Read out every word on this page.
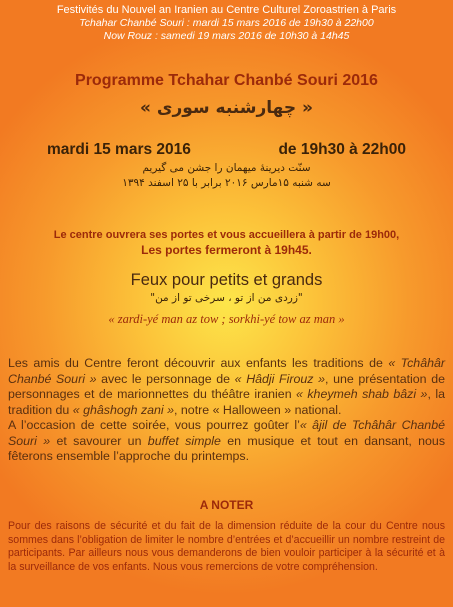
Festivités du Nouvel an Iranien au Centre Culturel Zoroastrien à Paris
Tchahar Chanbé Souri : mardi 15 mars 2016 de 19h30 à 22h00
Now Rouz : samedi 19 mars 2016 de 10h30 à 14h45
Programme Tchahar Chanbé Souri 2016
« چهارشنبه سوری »
mardi 15 mars 2016	de 19h30 à 22h00
سنّت دیرینهٔ میهمان را جشن می گیریم
سه شنبه ۱۵مارس ۲۰۱۶ برابر با ۲۵ اسفند ۱۳۹۴
Le centre ouvrera ses portes et vous accueillera à partir de 19h00,
Les portes fermeront à 19h45.
Feux pour petits et grands
"زردی من از تو ، سرخی تو از من"
« zardi-yé man az tow ; sorkhi-yé tow az man »
Les amis du Centre feront découvrir aux enfants les traditions de « Tchâhâr Chanbé Souri » avec le personnage de « Hâdji Firouz », une présentation de personnages et de marionnettes du théâtre iranien « kheymeh shab bâzi », la tradition du « ghâshogh zani », notre « Halloween » national.
A l’occasion de cette soirée, vous pourrez goûter l’« âjil de Tchâhâr Chanbé Souri » et savourer un buffet simple en musique et tout en dansant, nous fêterons ensemble l’approche du printemps.
A NOTER
Pour des raisons de sécurité et du fait de la dimension réduite de la cour du Centre nous sommes dans l’obligation de limiter le nombre d’entrées et d’accueillir un nombre restreint de participants. Par ailleurs nous vous demanderons de bien vouloir participer à la sécurité et à la surveillance de vos enfants. Nous vous remercions de votre compréhension.
